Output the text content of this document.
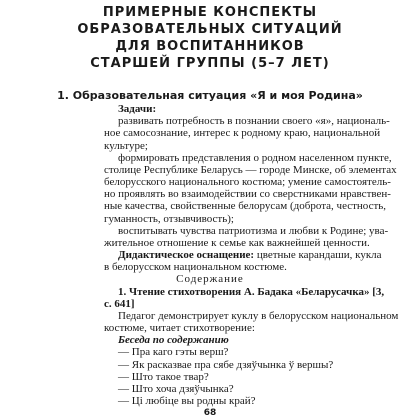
ПРИМЕРНЫЕ КОНСПЕКТЫ
ОБРАЗОВАТЕЛЬНЫХ СИТУАЦИЙ
ДЛЯ ВОСПИТАННИКОВ
СТАРШЕЙ ГРУППЫ (5–7 ЛЕТ)
1. Образовательная ситуация «Я и моя Родина»
Задачи:
развивать потребность в познании своего «я», националь-
ное самосознание, интерес к родному краю, национальной
культуре;
формировать представления о родном населенном пункте,
столице Республике Беларусь — городе Минске, об элементах
белорусского национального костюма; умение самостоятель-
но проявлять во взаимодействии со сверстниками нравствен-
ные качества, свойственные белорусам (доброта, честность,
гуманность, отзывчивость);
воспитывать чувства патриотизма и любви к Родине; ува-
жительное отношение к семье как важнейшей ценности.
Дидактическое оснащение: цветные карандаши, кукла
в белорусском национальном костюме.
Содержание
1. Чтение стихотворения А. Бадака «Беларусачка» [3,
с. 641]
Педагог демонстрирует куклу в белорусском национальном
костюме, читает стихотворение:
Беседа по содержанию
68
— Пра каго гэты верш?
— Як расказвае пра сябе дзяўчынка ў вершы?
— Што такое твар?
— Што хоча дзяўчынка?
— Ці любіце вы родны край?
